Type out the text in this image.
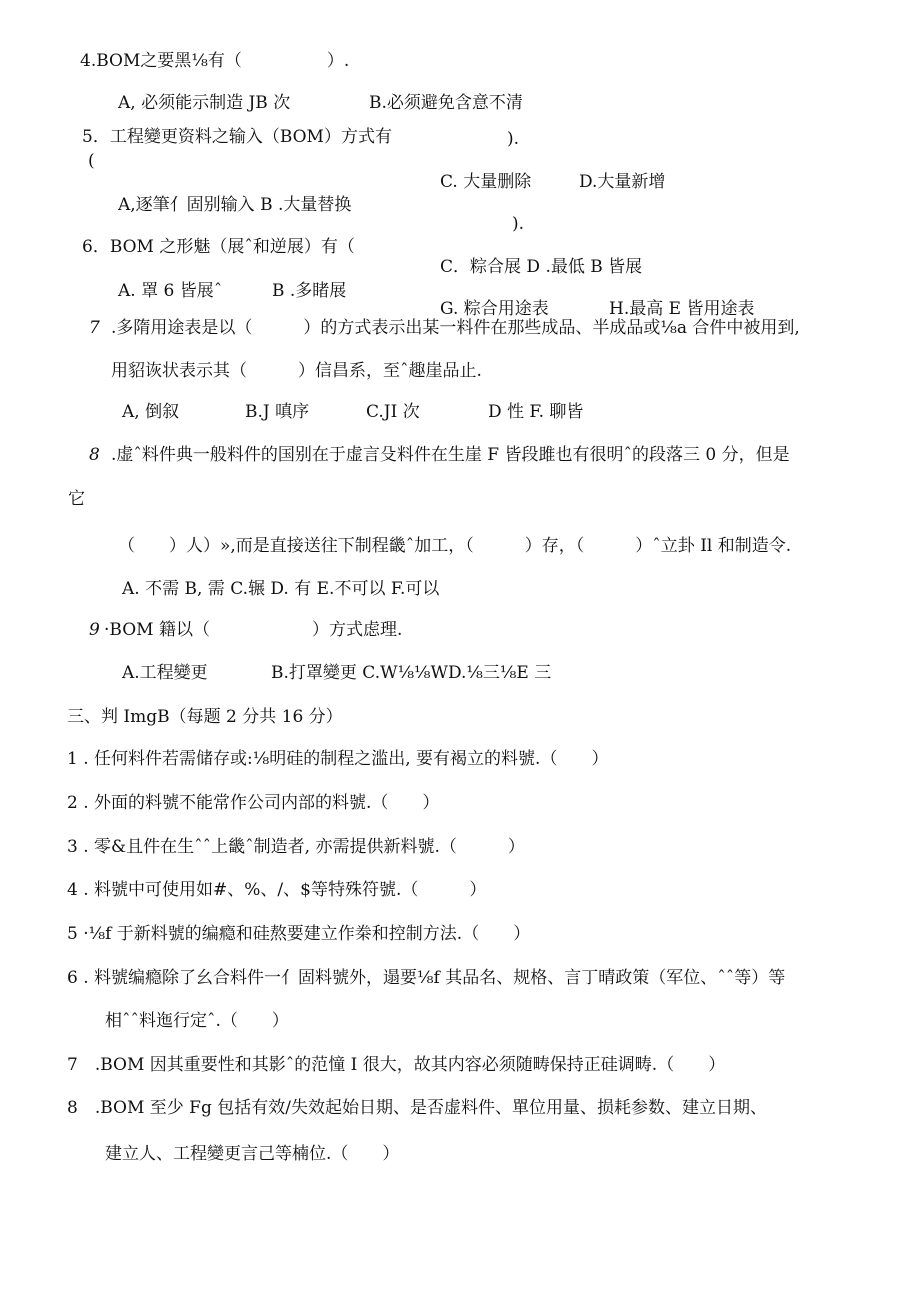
4.BOM之要黑⅛有（　　　　　）.
A, 必须能示制造 JB 次	B.必须避免含意不清
5．工程變更资料之输入（BOM）方式有	).
(
C. 大量删除	D.大量新增
A,逐筆亻固别输入 B .大量替换
).
6．BOM 之形魅（展ˆ和逆展）有（
C．粽合展 D .最低 B 皆展
A. 罩 6 皆展ˆ	B .多睹展
G. 粽合用途表	H.最高 E 皆用途表
7 .多隋用途表是以（　　　）的方式表示出某一料件在那些成品、半成品或⅛a 合件中被用到,
用貂诙状表示其（　　　）信昌系，至ˆ趣崖品止.
A, 倒叙	B.J 嗔序	C.JI 次	D 性 F. 聊皆
8 .虚ˆ料件典一般料件的国别在于虚言殳料件在生崖 F 皆段雎也有很明ˆ的段落三 0 分，但是
它
（　　）人）»,而是直接送往下制程畿ˆ加工，（　　　）存，（　　　）ˆ立卦 Il 和制造令.
A. 不需 B, 需 C.辗 D. 有 E.不可以 F.可以
9 ·BOM 籍以（　　　　　　）方式虑理.
A.工程變更	B.打罩變更 C.W⅛⅛WD.⅛三⅛E 三
三、判 ImgB（每题 2 分共 16 分）
1 . 任何料件若需储存或:⅛明硅的制程之滥出, 要有褐立的料號.（　　）
2 . 外面的料號不能常作公司内部的料號.（　　）
3 . 零&且件在生ˆˆ上畿ˆ制造者, 亦需提供新料號.（　　　）
4 . 料號中可使用如#、%、/、$等特殊符號.（　　　）
5 ·⅛f 于新料號的编瘾和硅熬要建立作桊和控制方法.（　　）
6 . 料號编瘾除了幺合料件一亻固料號外，遢要⅛f 其品名、规格、言丁晴政策（军位、ˆˆ等）等
相ˆˆ料迤行定ˆ.（　　）
7　.BOM 因其重要性和其影ˆ的范憧 I 很大，故其内容必须随畴保持正硅调畴.（　　）
8　.BOM 至少 Fg 包括有效/失效起始日期、是否虚料件、單位用量、损耗参数、建立日期、
建立人、工程變更言己等楠位.（　　）
